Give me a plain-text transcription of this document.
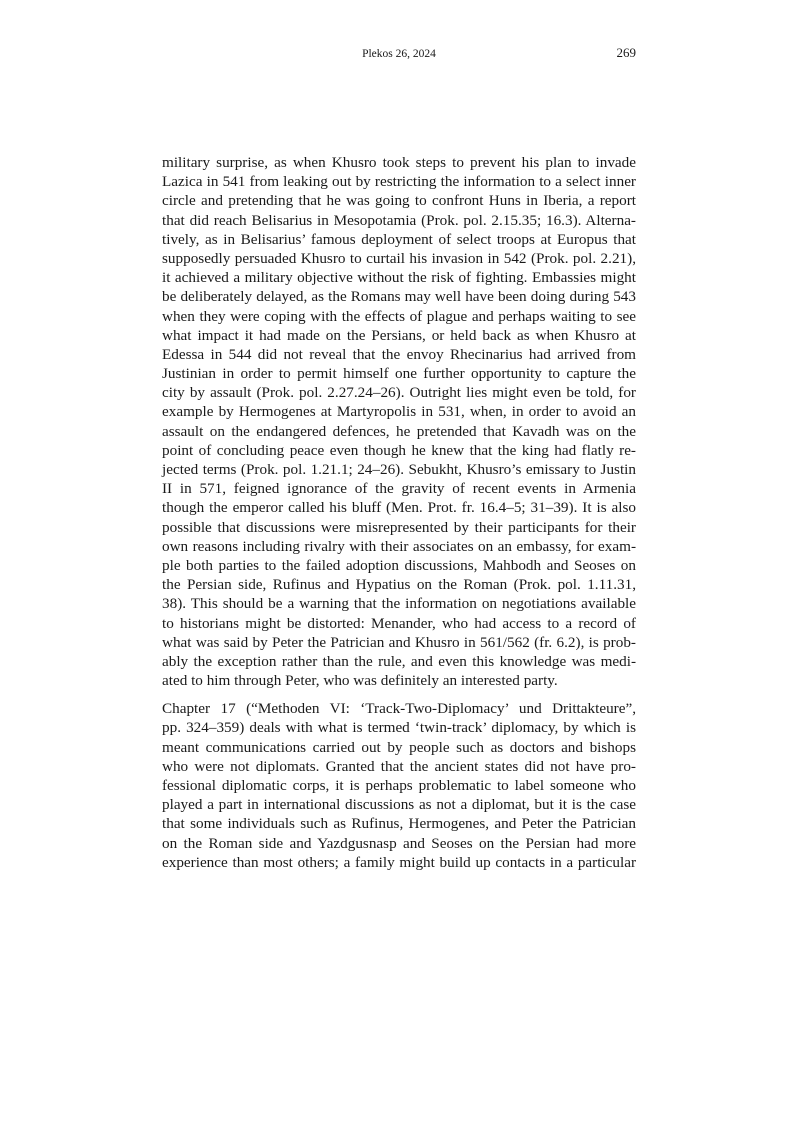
Plekos 26, 2024	269
military surprise, as when Khusro took steps to prevent his plan to invade
Lazica in 541 from leaking out by restricting the information to a select inner
circle and pretending that he was going to confront Huns in Iberia, a report
that did reach Belisarius in Mesopotamia (Prok. pol. 2.15.35; 16.3). Alterna-
tively, as in Belisarius’ famous deployment of select troops at Europus that
supposedly persuaded Khusro to curtail his invasion in 542 (Prok. pol. 2.21),
it achieved a military objective without the risk of fighting. Embassies might
be deliberately delayed, as the Romans may well have been doing during 543
when they were coping with the effects of plague and perhaps waiting to see
what impact it had made on the Persians, or held back as when Khusro at
Edessa in 544 did not reveal that the envoy Rhecinarius had arrived from
Justinian in order to permit himself one further opportunity to capture the
city by assault (Prok. pol. 2.27.24–26). Outright lies might even be told, for
example by Hermogenes at Martyropolis in 531, when, in order to avoid an
assault on the endangered defences, he pretended that Kavadh was on the
point of concluding peace even though he knew that the king had flatly re-
jected terms (Prok. pol. 1.21.1; 24–26). Sebukht, Khusro’s emissary to Justin
II in 571, feigned ignorance of the gravity of recent events in Armenia
though the emperor called his bluff (Men. Prot. fr. 16.4–5; 31–39). It is also
possible that discussions were misrepresented by their participants for their
own reasons including rivalry with their associates on an embassy, for exam-
ple both parties to the failed adoption discussions, Mahbodh and Seoses on
the Persian side, Rufinus and Hypatius on the Roman (Prok. pol. 1.11.31,
38). This should be a warning that the information on negotiations available
to historians might be distorted: Menander, who had access to a record of
what was said by Peter the Patrician and Khusro in 561/562 (fr. 6.2), is prob-
ably the exception rather than the rule, and even this knowledge was medi-
ated to him through Peter, who was definitely an interested party.
Chapter 17 (“Methoden VI: ‘Track-Two-Diplomacy’ und Drittakteure”,
pp. 324–359) deals with what is termed ‘twin-track’ diplomacy, by which is
meant communications carried out by people such as doctors and bishops
who were not diplomats. Granted that the ancient states did not have pro-
fessional diplomatic corps, it is perhaps problematic to label someone who
played a part in international discussions as not a diplomat, but it is the case
that some individuals such as Rufinus, Hermogenes, and Peter the Patrician
on the Roman side and Yazdgusnasp and Seoses on the Persian had more
experience than most others; a family might build up contacts in a particular
